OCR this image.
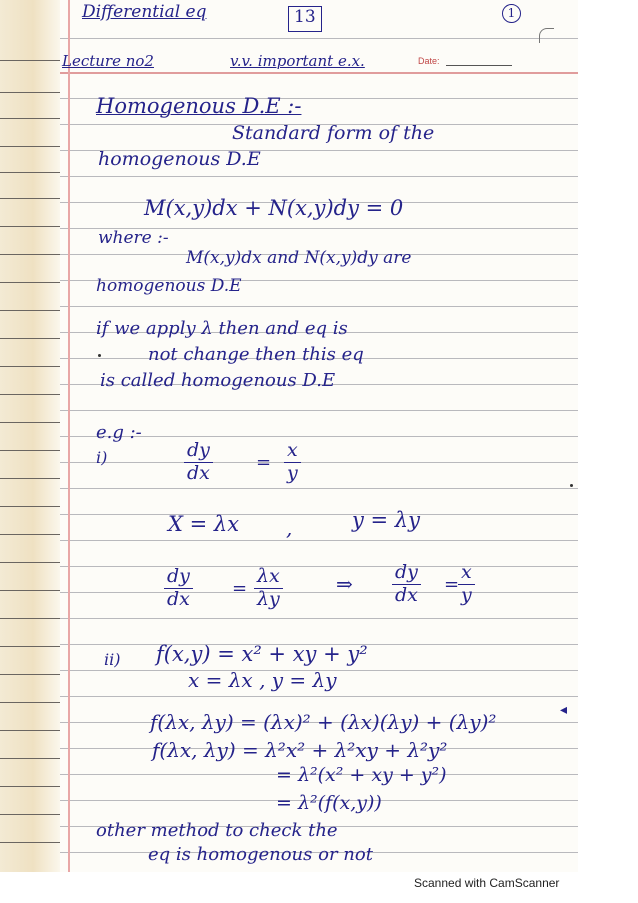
Differential eq	13	1
Lecture no2	v.v. important e.x.	Date:
Homogenous D.E :-
Standard form of the
homogenous D.E
M(x,y)dx + N(x,y)dy = 0
where :-
M(x,y)dx and N(x,y)dy are
homogenous D.E
if we apply λ then and eq is
not change then this eq
is called homogenous D.E
e.g :-
i)	$\frac{dy}{dx} = \frac{x}{y}$
X = λx ,	y = λy
$\frac{dy}{dx} = \frac{\lambda x}{\lambda y}$	⇒ $\frac{dy}{dx}$ =
$\frac{x}{y}$
ii) f(x,y) = x² + xy + y²
x = λx , y = λy
f(λx, λy) = (λx)² + (λx)(λy) + (λy)²	◂
f(λx, λy) = λ²x² + λ²xy + λ²y²
= λ²(x² + xy + y²)
= λ²(f(x,y))
other method to check the
eq is homogenous or not
Scanned with CamScanner
